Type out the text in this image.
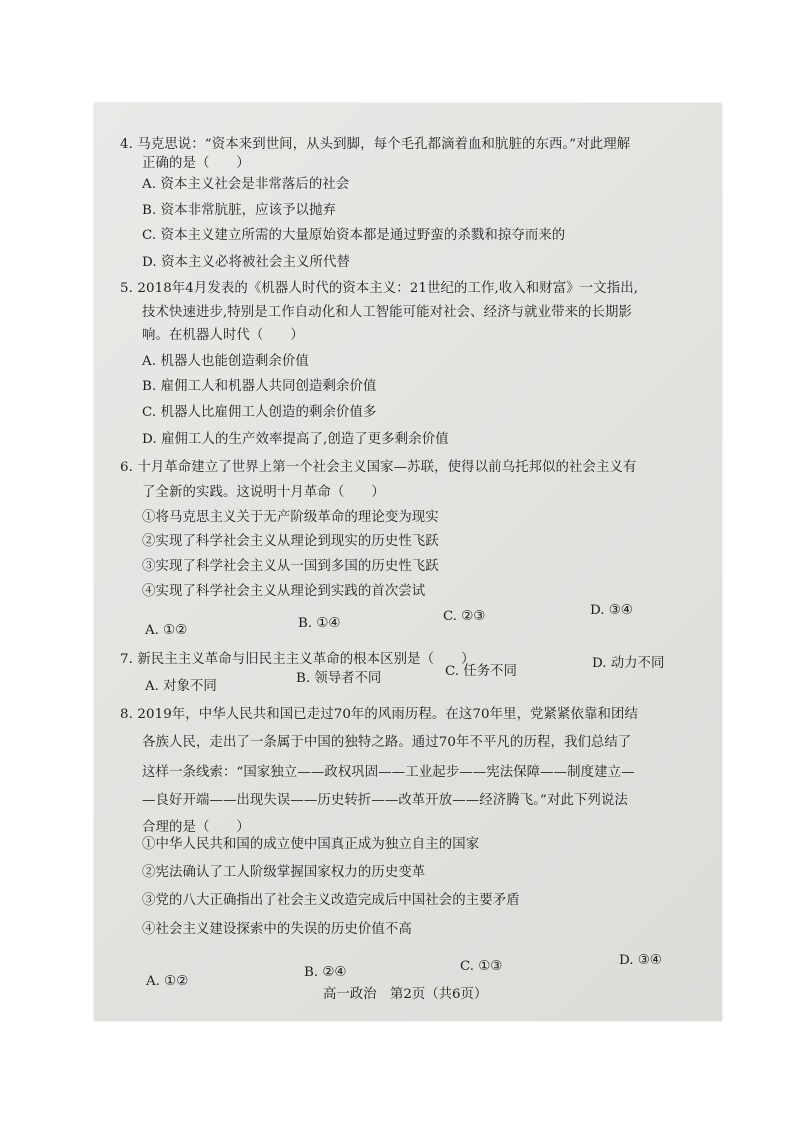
4. 马克思说：“资本来到世间，从头到脚，每个毛孔都滴着血和肮脏的东西。”对此理解
正确的是（　　）
A. 资本主义社会是非常落后的社会
B. 资本非常肮脏，应该予以抛弃
C. 资本主义建立所需的大量原始资本都是通过野蛮的杀戮和掠夺而来的
D. 资本主义必将被社会主义所代替
5. 2018年4月发表的《机器人时代的资本主义：21世纪的工作,收入和财富》一文指出,
技术快速进步,特别是工作自动化和人工智能可能对社会、经济与就业带来的长期影
响。在机器人时代（　　）
A. 机器人也能创造剩余价值
B. 雇佣工人和机器人共同创造剩余价值
C. 机器人比雇佣工人创造的剩余价值多
D. 雇佣工人的生产效率提高了,创造了更多剩余价值
6. 十月革命建立了世界上第一个社会主义国家—苏联，使得以前乌托邦似的社会主义有
了全新的实践。这说明十月革命（　　）
①将马克思主义关于无产阶级革命的理论变为现实
②实现了科学社会主义从理论到现实的历史性飞跃
③实现了科学社会主义从一国到多国的历史性飞跃
④实现了科学社会主义从理论到实践的首次尝试
A. ①②	B. ①④	C. ②③	D. ③④
7. 新民主主义革命与旧民主主义革命的根本区别是（　　）
A. 对象不同
B. 领导者不同	C. 任务不同
D. 动力不同
8. 2019年，中华人民共和国已走过70年的风雨历程。在这70年里，党紧紧依靠和团结
各族人民，走出了一条属于中国的独特之路。通过70年不平凡的历程，我们总结了
这样一条线索：“国家独立——政权巩固——工业起步——宪法保障——制度建立—
—良好开端——出现失误——历史转折——改革开放——经济腾飞。”对此下列说法
合理的是（　　）
①中华人民共和国的成立使中国真正成为独立自主的国家
②宪法确认了工人阶级掌握国家权力的历史变革
③党的八大正确指出了社会主义改造完成后中国社会的主要矛盾
④社会主义建设探索中的失误的历史价值不高
A. ①②
B. ②④	C. ①③	D. ③④
高一政治　第2页（共6页）
